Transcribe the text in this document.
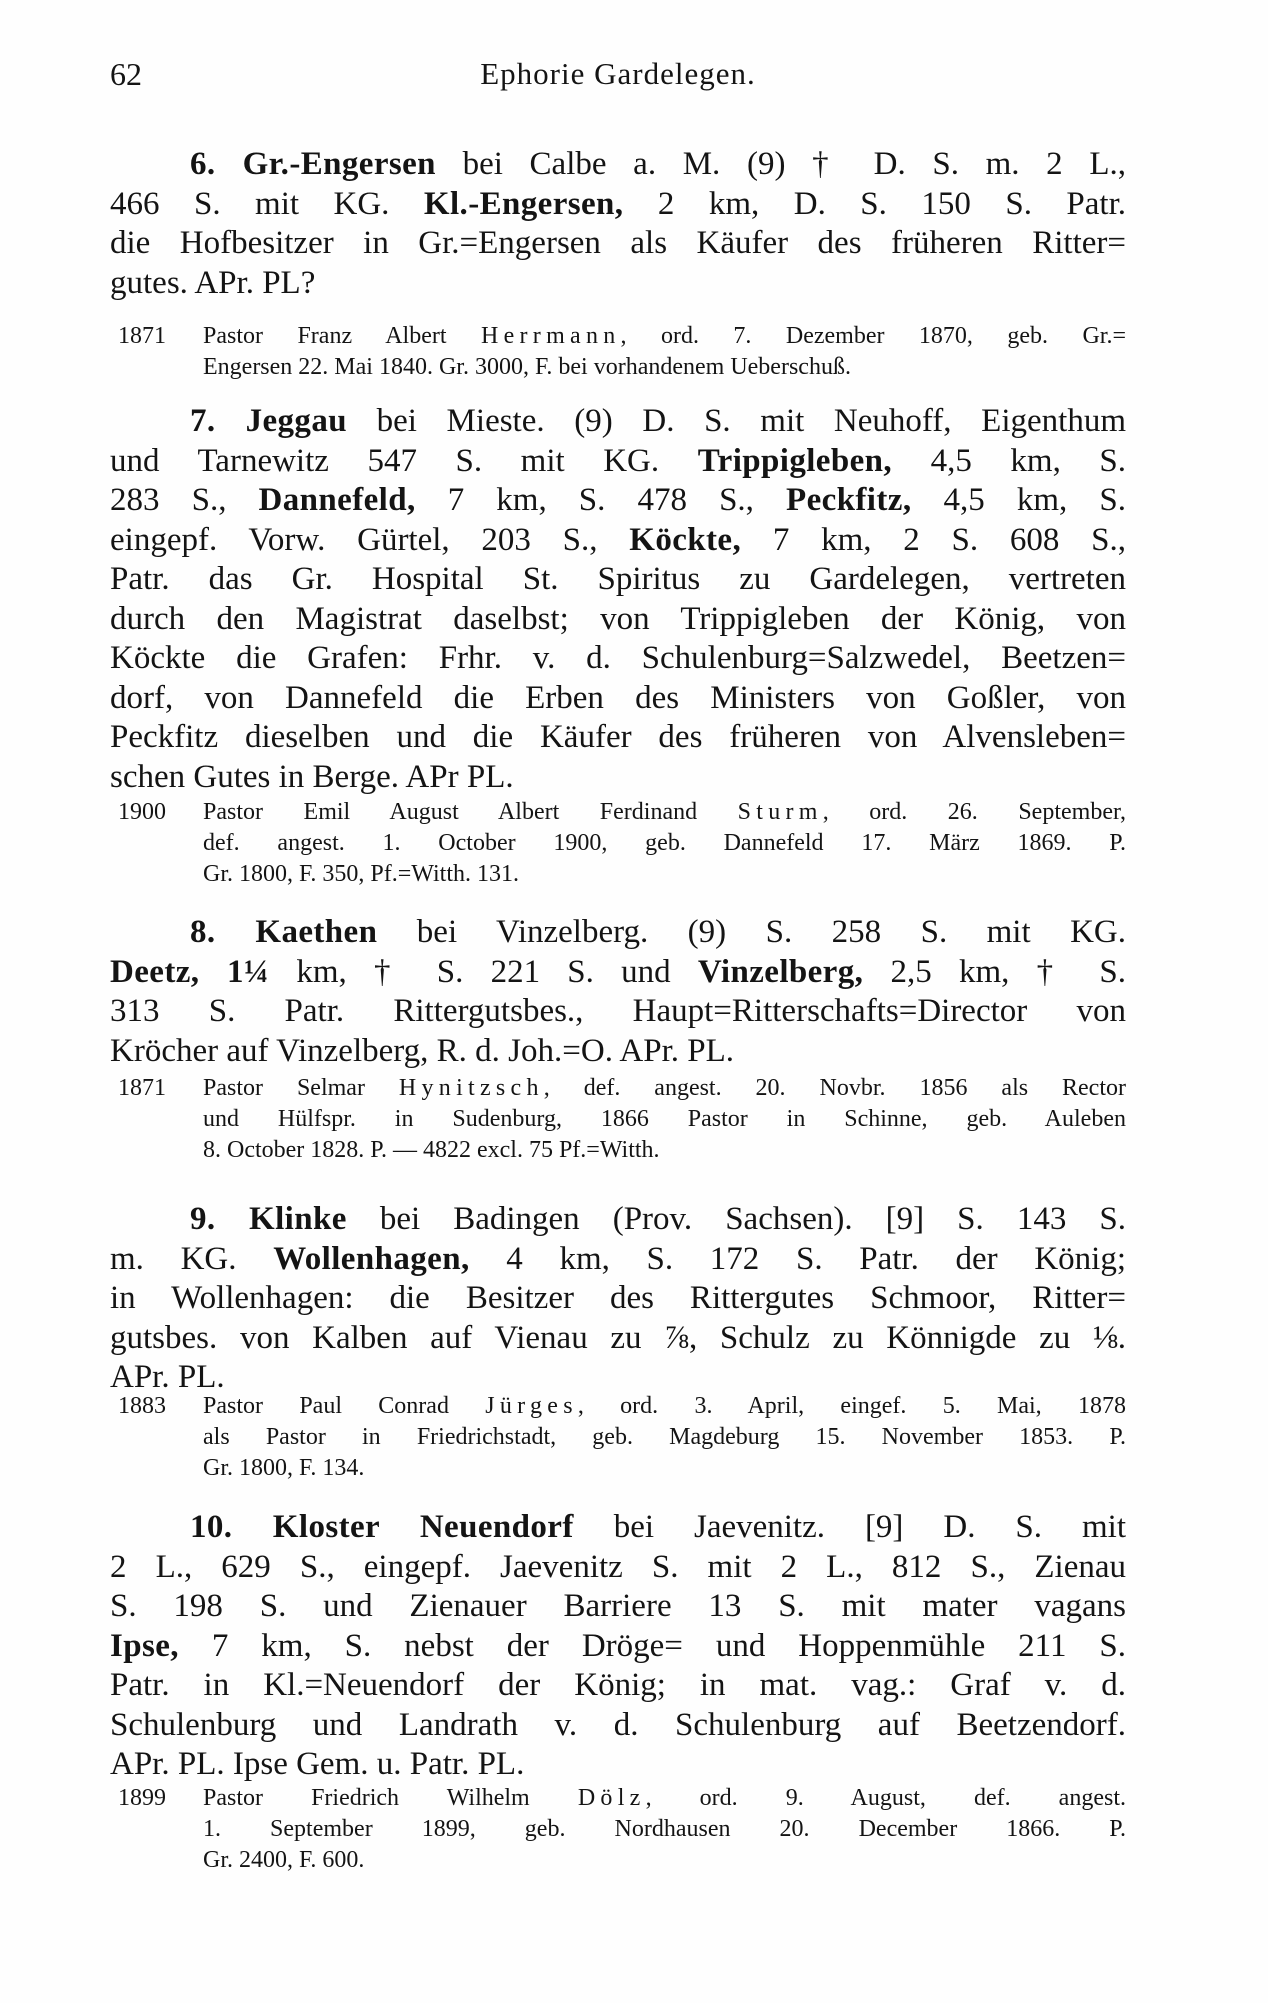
62	Ephorie Gardelegen.
6. Gr.-Engersen bei Calbe a. M. (9) † D. S. m. 2 L.,
466 S. mit KG. Kl.-Engersen, 2 km, D. S. 150 S. Patr.
die Hofbesitzer in Gr.=Engersen als Käufer des früheren Ritter=
gutes. APr. PL?
1871 Pastor Franz Albert Herrmann, ord. 7. Dezember 1870, geb. Gr.=
Engersen 22. Mai 1840. Gr. 3000, F. bei vorhandenem Ueberschuß.
7. Jeggau bei Mieste. (9) D. S. mit Neuhoff, Eigenthum
und Tarnewitz 547 S. mit KG. Trippigleben, 4,5 km, S.
283 S., Dannefeld, 7 km, S. 478 S., Peckfitz, 4,5 km, S.
eingepf. Vorw. Gürtel, 203 S., Köckte, 7 km, 2 S. 608 S.,
Patr. das Gr. Hospital St. Spiritus zu Gardelegen, vertreten
durch den Magistrat daselbst; von Trippigleben der König, von
Köckte die Grafen: Frhr. v. d. Schulenburg=Salzwedel, Beetzen=
dorf, von Dannefeld die Erben des Ministers von Goßler, von
Peckfitz dieselben und die Käufer des früheren von Alvensleben=
schen Gutes in Berge. APr PL.
1900 Pastor Emil August Albert Ferdinand Sturm, ord. 26. September,
def. angest. 1. October 1900, geb. Dannefeld 17. März 1869. P.
Gr. 1800, F. 350, Pf.=Witth. 131.
8. Kaethen bei Vinzelberg. (9) S. 258 S. mit KG.
Deetz, 1¼ km, † S. 221 S. und Vinzelberg, 2,5 km, † S.
313 S. Patr. Rittergutsbes., Haupt=Ritterschafts=Director von
Kröcher auf Vinzelberg, R. d. Joh.=O. APr. PL.
1871 Pastor Selmar Hynitzsch, def. angest. 20. Novbr. 1856 als Rector
und Hülfspr. in Sudenburg, 1866 Pastor in Schinne, geb. Auleben
8. October 1828. P. — 4822 excl. 75 Pf.=Witth.
9. Klinke bei Badingen (Prov. Sachsen). [9] S. 143 S.
m. KG. Wollenhagen, 4 km, S. 172 S. Patr. der König;
in Wollenhagen: die Besitzer des Rittergutes Schmoor, Ritter=
gutsbes. von Kalben auf Vienau zu ⅞, Schulz zu Könnigde zu ⅛.
APr. PL.
1883 Pastor Paul Conrad Jürges, ord. 3. April, eingef. 5. Mai, 1878
als Pastor in Friedrichstadt, geb. Magdeburg 15. November 1853. P.
Gr. 1800, F. 134.
10. Kloster Neuendorf bei Jaevenitz. [9] D. S. mit
2 L., 629 S., eingepf. Jaevenitz S. mit 2 L., 812 S., Zienau
S. 198 S. und Zienauer Barriere 13 S. mit mater vagans
Ipse, 7 km, S. nebst der Dröge= und Hoppenmühle 211 S.
Patr. in Kl.=Neuendorf der König; in mat. vag.: Graf v. d.
Schulenburg und Landrath v. d. Schulenburg auf Beetzendorf.
APr. PL. Ipse Gem. u. Patr. PL.
1899 Pastor Friedrich Wilhelm Dölz, ord. 9. August, def. angest.
1. September 1899, geb. Nordhausen 20. December 1866. P.
Gr. 2400, F. 600.
